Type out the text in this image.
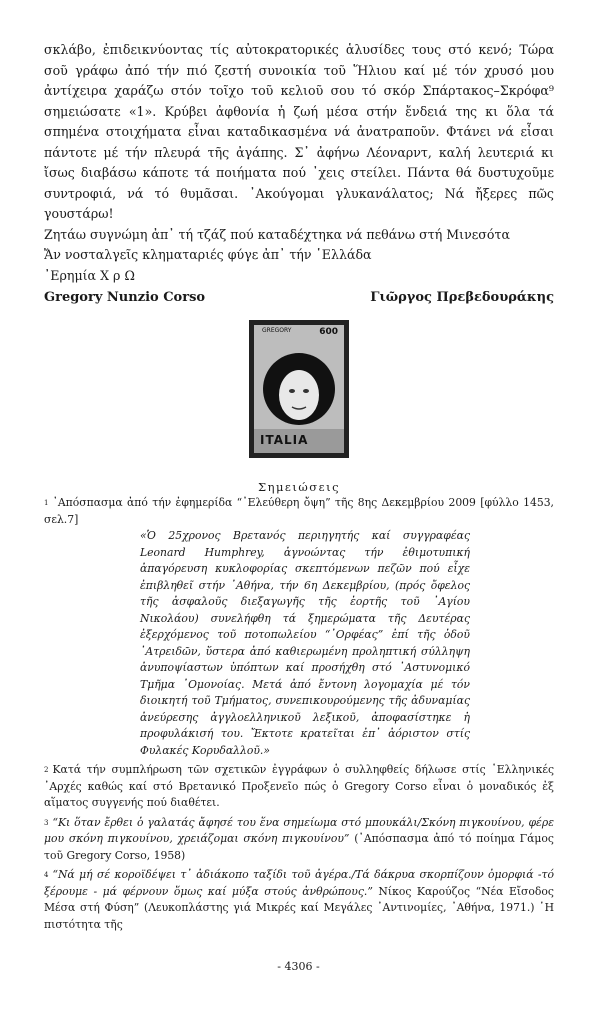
σκλάβο, ἐπιδεικνύοντας τίς αὐτοκρατορικές ἁλυσίδες τους στό κενό; Τώρα σοῦ γράφω ἀπό τήν πιό ζεστή συνοικία τοῦ Ἥλιου καί μέ τόν χρυσό μου ἀντίχειρα χαράζω στόν τοῖχο τοῦ κελιοῦ σου τό σκόρ Σπάρτακος–Σκρόφα⁹ σημειώσατε «1». Κρύβει ἀφθονία ἡ ζωή μέσα στήν ἔνδειά της κι ὅλα τά σπημένα στοιχήματα εἶναι καταδικασμένα νά ἀνατραποῦν. Φτάνει νά εἶσαι πάντοτε μέ τήν πλευρά τῆς ἀγάπης. Σ᾽ ἀφήνω Λέοναρντ, καλή λευτεριά κι ἴσως διαβάσω κάποτε τά ποιήματα πού ᾽χεις στείλει. Πάντα θά δυστυχοῦμε συντροφιά, νά τό θυμᾶσαι. ᾽Ακούγομαι γλυκανάλατος; Νά ἤξερες πῶς γουστάρω!

Ζητάω συγνώμη ἀπ᾽ τή τζάζ πού καταδέχτηκα νά πεθάνω στή Μινεσότα
Ἄν νοσταλγεῖς κληματαριές φύγε ἀπ᾽ τήν ῾Ελλάδα
᾽Ερημία Χ ρ Ω
Gregory Nunzio Corso	Γιῶργος Πρεβεδουράκης
GREGORY	600
ITALIA
Σημειώσεις

$^1$ ᾽Απόσπασμα ἀπό τήν ἐφημερίδα “᾽Ελεύθερη ὄψη” τῆς 8ης Δεκεμβρίου 2009 [φύλλο 1453, σελ.7]

«Ὁ 25χρονος Βρετανός περιηγητής καί συγγραφέας Leonard Humphrey, ἀγνοώντας τήν ἐθιμοτυπική ἀπαγόρευση κυκλοφορίας σκεπτόμενων πεζῶν πού εἶχε ἐπιβληθεῖ στήν ᾽Αθήνα, τήν 6η Δεκεμβρίου, (πρός ὄφελος τῆς ἀσφαλοῦς διεξαγωγῆς τῆς ἑορτῆς τοῦ ᾽Αγίου Νικολάου) συνελήφθη τά ξημερώματα τῆς Δευτέρας ἐξερχόμενος τοῦ ποτοπωλείου “᾽Ορφέας” ἐπί τῆς ὁδοῦ ᾽Ατρειδῶν, ὕστερα ἀπό καθιερωμένη προληπτική σύλληψη ἀνυποψίαστων ὑπόπτων καί προσήχθη στό ᾽Αστυνομικό Τμῆμα ᾽Ομονοίας. Μετά ἀπό ἔντονη λογομαχία μέ τόν διοικητή τοῦ Τμήματος, συνεπικουρούμενης τῆς ἀδυναμίας ἀνεύρεσης ἀγγλοελληνικοῦ λεξικοῦ, ἀποφασίστηκε ἡ προφυλάκισή του. Ἔκτοτε κρατεῖται ἐπ᾽ ἀόριστον στίς Φυλακές Κορυδαλλοῦ.»

$^2$ Κατά τήν συμπλήρωση τῶν σχετικῶν ἐγγράφων ὁ συλληφθείς δήλωσε στίς ῾Ελληνικές ᾽Αρχές καθώς καί στό Βρετανικό Προξενεῖο πώς ὁ Gregory Corso εἶναι ὁ μοναδικός ἐξ αἵματος συγγενής πού διαθέτει.

$^3$ “Κι ὅταν ἔρθει ὁ γαλατάς ἄφησέ του ἕνα σημείωμα στό μπουκάλι/Σκόνη πιγκουίνου, φέρε μου σκόνη πιγκουίνου, χρειάζομαι σκόνη πιγκουίνου” (᾽Απόσπασμα ἀπό τό ποίημα Γάμος τοῦ Gregory Corso, 1958)

$^4$ “Νά μή σέ κοροϊδέψει τ᾽ ἀδιάκοπο ταξίδι τοῦ ἀγέρα./Τά δάκρυα σκορπίζουν ὀμορφιά -τό ξέρουμε - μά φέρνουν ὅμως καί μύξα στούς ἀνθρώπους.” Νίκος Καρούζος “Νέα Εἴσοδος Μέσα στή Φύση” (Λευκοπλάστης γιά Μικρές καί Μεγάλες ᾽Αντινομίες, ᾽Αθήνα, 1971.) ῾Η πιστότητα τῆς

- 4306 -
